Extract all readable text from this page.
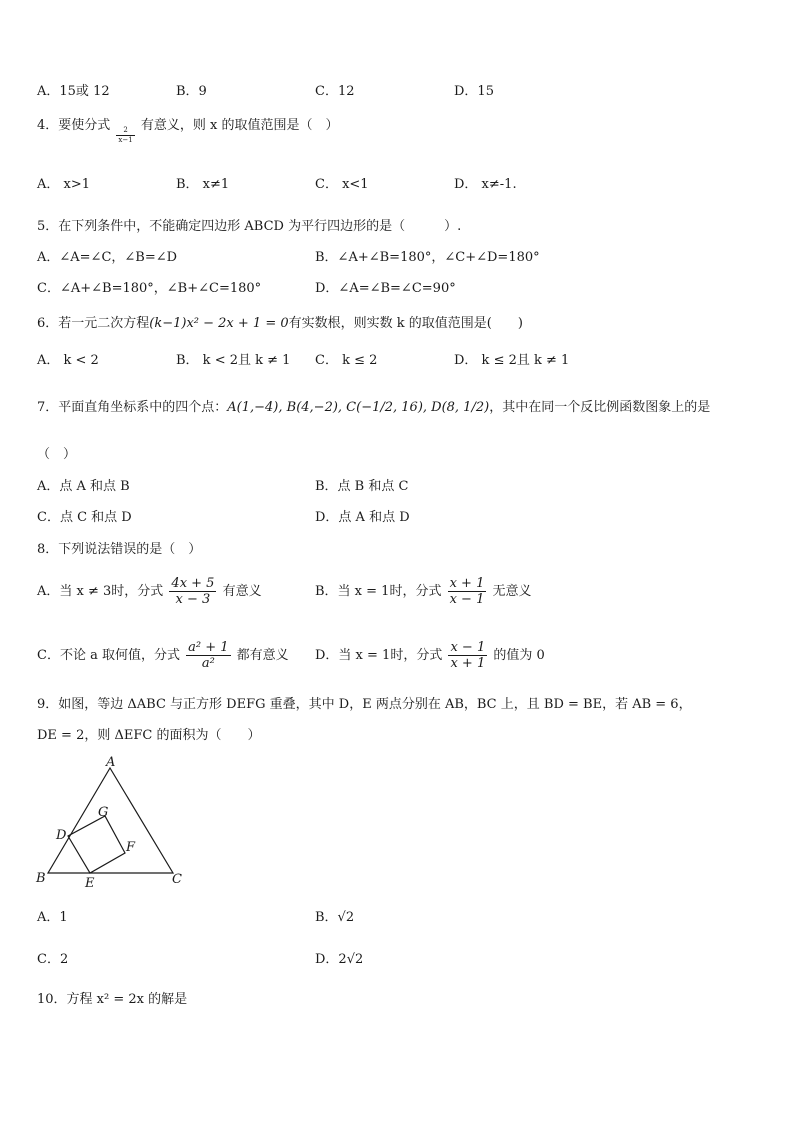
A．15或 12	B．9	C．12	D．15
4．要使分式
$\frac{2}{x-1}$
有意义，则 x 的取值范围是（　）
A． x>1	B． x≠1	C． x<1	D． x≠-1.
5．在下列条件中，不能确定四边形 ABCD 为平行四边形的是（　　　）.
A．∠A=∠C，∠B=∠D	B．∠A+∠B=180°，∠C+∠D=180°
C．∠A+∠B=180°，∠B+∠C=180°	D．∠A=∠B=∠C=90°
6．若一元二次方程(k−1)x² − 2x + 1 = 0有实数根，则实数 k 的取值范围是(　　)
A． k < 2	B． k < 2且 k ≠ 1 C． k ≤ 2	D． k ≤ 2且 k ≠ 1
7．平面直角坐标系中的四个点：A(1,−4), B(4,−2), C(−1/2, 16), D(8, 1/2)，其中在同一个反比例函数图象上的是
（　）
A．点 A 和点 B	B．点 B 和点 C
C．点 C 和点 D	D．点 A 和点 D
8．下列说法错误的是（　）
A．当 x ≠ 3时，分式 $\frac{4x + 5}{x - 3}$ 有意义	B．当 x = 1时，分式 $\frac{x + 1}{x - 1}$ 无意义
C．不论 a 取何值，分式 $\frac{\text{a² + 1}}{\text{a²}}$ 都有意义 D．当 x = 1时，分式 $\frac{x - 1}{x + 1}$ 的值为 0
9．如图，等边 ΔABC 与正方形 DEFG 重叠，其中 D，E 两点分别在 AB，BC 上，且 BD = BE，若 AB = 6，
DE = 2，则 ΔEFC 的面积为（　　）
A
B	C
D
E
F
G
A．1	B．√2
C．2	D．2√2
10．方程 x² = 2x 的解是
